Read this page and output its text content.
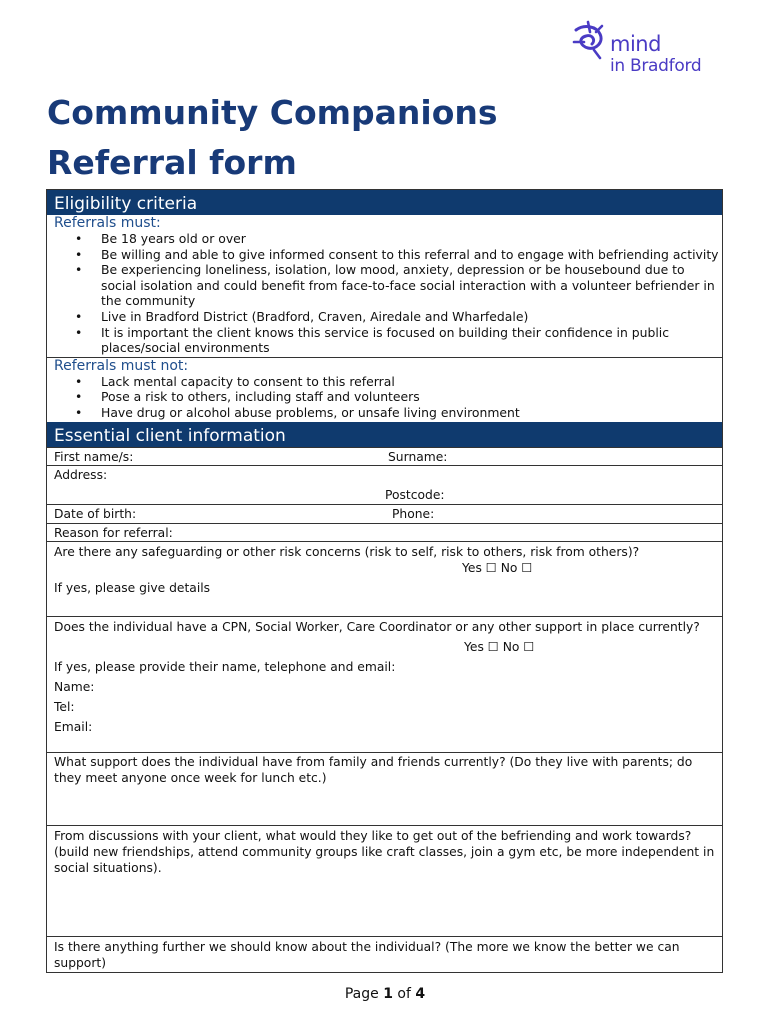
mind
in Bradford
Community Companions
Referral form
Eligibility criteria
Referrals must:
• Be 18 years old or over
• Be willing and able to give informed consent to this referral and to engage with befriending activity
• Be experiencing loneliness, isolation, low mood, anxiety, depression or be housebound due to social isolation and could benefit from face-to-face social interaction with a volunteer befriender in the community
• Live in Bradford District (Bradford, Craven, Airedale and Wharfedale)
• It is important the client knows this service is focused on building their confidence in public places/social environments
Referrals must not:
• Lack mental capacity to consent to this referral
• Pose a risk to others, including staff and volunteers
• Have drug or alcohol abuse problems, or unsafe living environment
Essential client information
First name/s:	Surname:
Address:
Postcode:
Date of birth:	Phone:
Reason for referral:
Are there any safeguarding or other risk concerns (risk to self, risk to others, risk from others)?
Yes ☐ No ☐
If yes, please give details
Does the individual have a CPN, Social Worker, Care Coordinator or any other support in place currently?
Yes ☐ No ☐
If yes, please provide their name, telephone and email:
Name:
Tel:
Email:
What support does the individual have from family and friends currently? (Do they live with parents; do they meet anyone once week for lunch etc.)
From discussions with your client, what would they like to get out of the befriending and work towards? (build new friendships, attend community groups like craft classes, join a gym etc, be more independent in social situations).
Is there anything further we should know about the individual? (The more we know the better we can support)
Page 1 of 4
